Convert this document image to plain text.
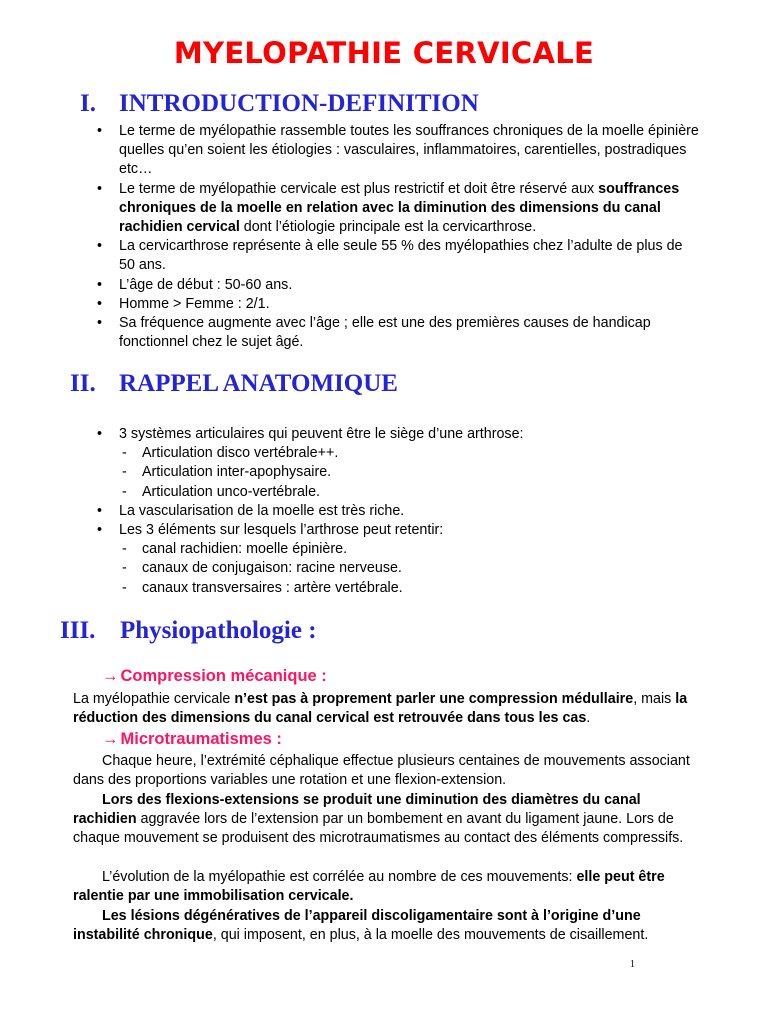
MYELOPATHIE CERVICALE
I. INTRODUCTION-DEFINITION
• Le terme de myélopathie rassemble toutes les souffrances chroniques de la moelle épinière quelles qu’en soient les étiologies : vasculaires, inflammatoires, carentielles, postradiques etc…
• Le terme de myélopathie cervicale est plus restrictif et doit être réservé aux souffrances chroniques de la moelle en relation avec la diminution des dimensions du canal rachidien cervical dont l’étiologie principale est la cervicarthrose.
• La cervicarthrose représente à elle seule 55 % des myélopathies chez l’adulte de plus de 50 ans.
• L’âge de début : 50-60 ans.
• Homme > Femme : 2/1.
• Sa fréquence augmente avec l’âge ; elle est une des premières causes de handicap fonctionnel chez le sujet âgé.
II. RAPPEL ANATOMIQUE
• 3 systèmes articulaires qui peuvent être le siège d’une arthrose:
- Articulation disco vertébrale++.
- Articulation inter-apophysaire.
- Articulation unco-vertébrale.
• La vascularisation de la moelle est très riche.
• Les 3 éléments sur lesquels l’arthrose peut retentir:
- canal rachidien: moelle épinière.
- canaux de conjugaison: racine nerveuse.
- canaux transversaires : artère vertébrale.
III. Physiopathologie :
→ Compression mécanique :

La myélopathie cervicale n’est pas à proprement parler une compression médullaire, mais la réduction des dimensions du canal cervical est retrouvée dans tous les cas.

→ Microtraumatismes :

Chaque heure, l’extrémité céphalique effectue plusieurs centaines de mouvements associant dans des proportions variables une rotation et une flexion-extension.

Lors des flexions-extensions se produit une diminution des diamètres du canal rachidien aggravée lors de l’extension par un bombement en avant du ligament jaune. Lors de chaque mouvement se produisent des microtraumatismes au contact des éléments compressifs.

L’évolution de la myélopathie est corrélée au nombre de ces mouvements: elle peut être ralentie par une immobilisation cervicale.

Les lésions dégénératives de l’appareil discoligamentaire sont à l’origine d’une instabilité chronique, qui imposent, en plus, à la moelle des mouvements de cisaillement.

1
